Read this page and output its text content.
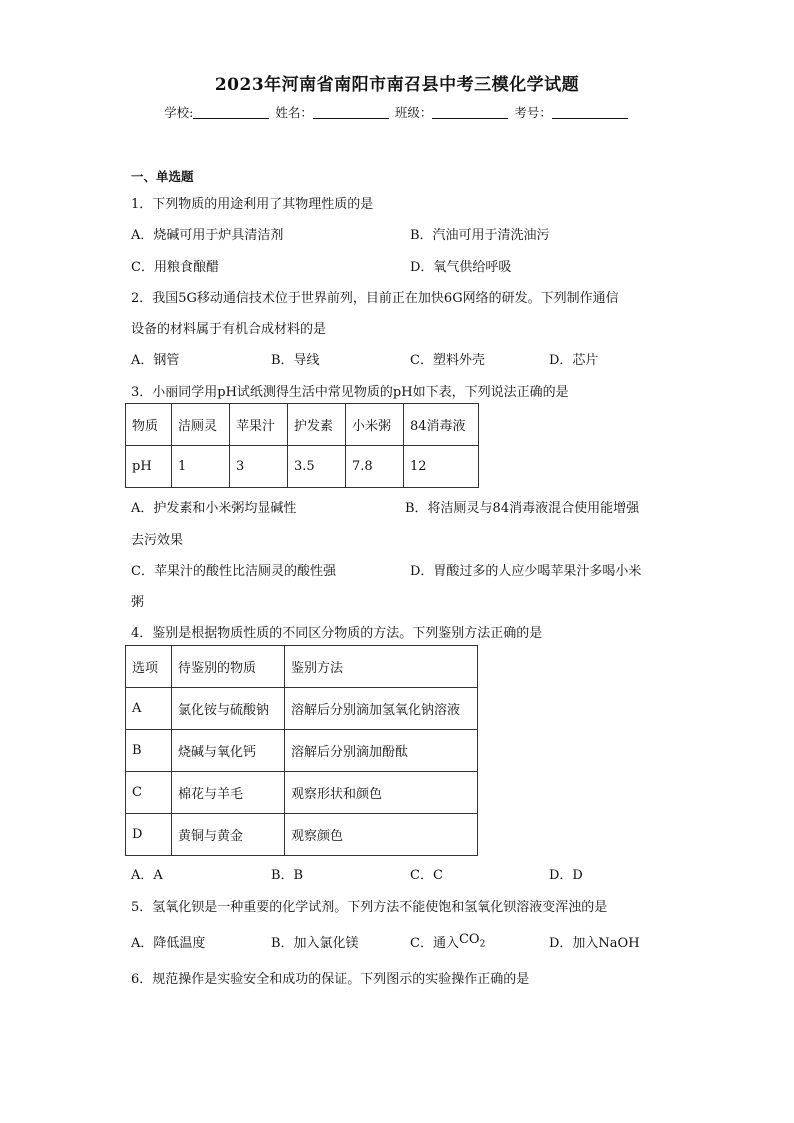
2023年河南省南阳市南召县中考三模化学试题
学校:	姓名：	班级：	考号：
一、单选题
1．下列物质的用途利用了其物理性质的是
A．烧碱可用于炉具清洁剂	B．汽油可用于清洗油污
C．用粮食酿醋	D．氧气供给呼吸
2．我国5G移动通信技术位于世界前列，目前正在加快6G网络的研发。下列制作通信
设备的材料属于有机合成材料的是
A．钢管	B．导线	C．塑料外壳	D．芯片
3．小丽同学用pH试纸测得生活中常见物质的pH如下表，下列说法正确的是
物质	洁厕灵	苹果汁	护发素	小米粥	84消毒液
pH	1	3	3.5	7.8	12
A．护发素和小米粥均显碱性	B．将洁厕灵与84消毒液混合使用能增强
去污效果
C．苹果汁的酸性比洁厕灵的酸性强	D．胃酸过多的人应少喝苹果汁多喝小米
粥
4．鉴别是根据物质性质的不同区分物质的方法。下列鉴别方法正确的是
选项	待鉴别的物质	鉴别方法
A	氯化铵与硫酸钠	溶解后分别滴加氢氧化钠溶液
B	烧碱与氧化钙	溶解后分别滴加酚酞
C	棉花与羊毛	观察形状和颜色
D	黄铜与黄金	观察颜色
A．A	B．B	C．C	D．D
5．氢氧化钡是一种重要的化学试剂。下列方法不能使饱和氢氧化钡溶液变浑浊的是
A．降低温度	B．加入氯化镁	C．通入$CO_2$	D．加入NaOH
6．规范操作是实验安全和成功的保证。下列图示的实验操作正确的是
